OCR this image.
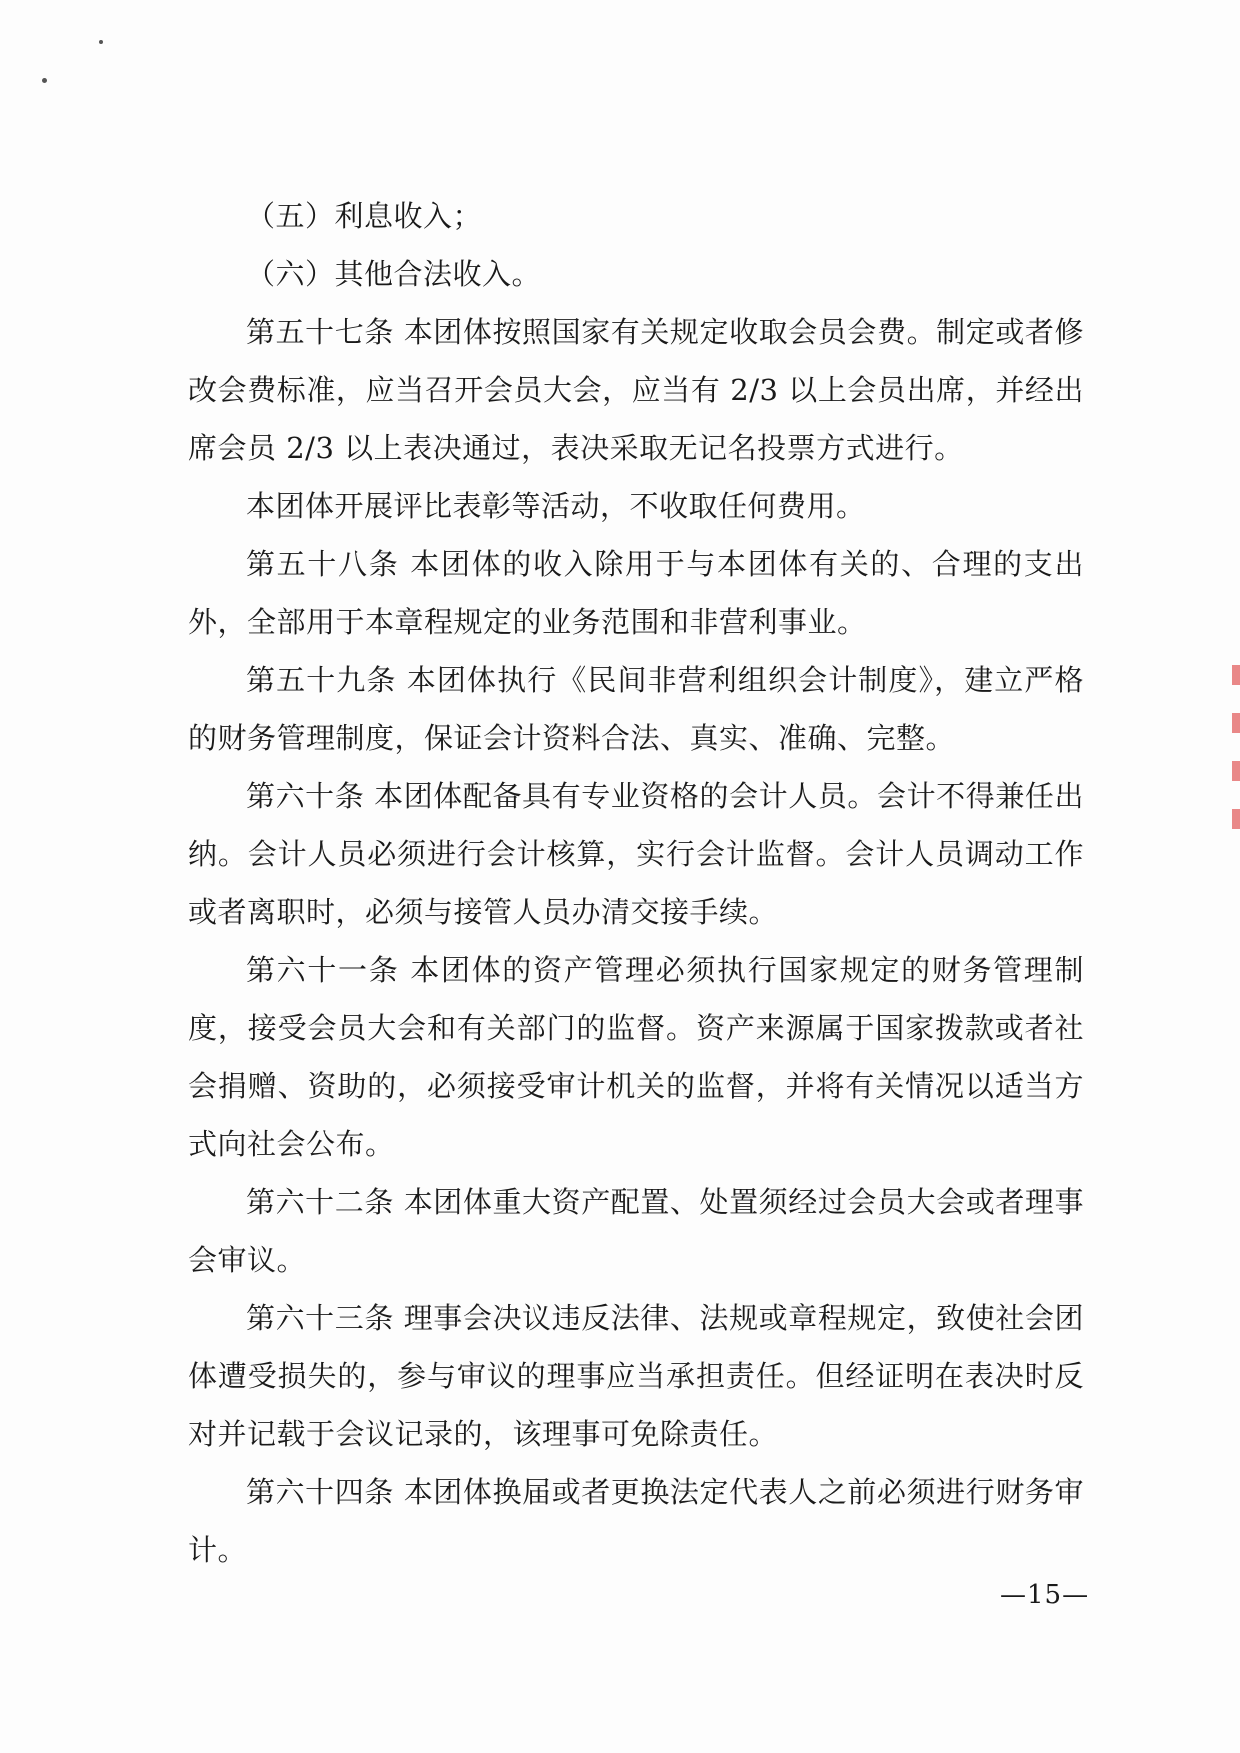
（五）利息收入；

（六）其他合法收入。

第五十七条 本团体按照国家有关规定收取会员会费。制定或者修改会费标准，应当召开会员大会，应当有 2/3 以上会员出席，并经出席会员 2/3 以上表决通过，表决采取无记名投票方式进行。

本团体开展评比表彰等活动，不收取任何费用。

第五十八条 本团体的收入除用于与本团体有关的、合理的支出外，全部用于本章程规定的业务范围和非营利事业。

第五十九条 本团体执行《民间非营利组织会计制度》，建立严格的财务管理制度，保证会计资料合法、真实、准确、完整。

第六十条 本团体配备具有专业资格的会计人员。会计不得兼任出纳。会计人员必须进行会计核算，实行会计监督。会计人员调动工作或者离职时，必须与接管人员办清交接手续。

第六十一条 本团体的资产管理必须执行国家规定的财务管理制度，接受会员大会和有关部门的监督。资产来源属于国家拨款或者社会捐赠、资助的，必须接受审计机关的监督，并将有关情况以适当方式向社会公布。

第六十二条 本团体重大资产配置、处置须经过会员大会或者理事会审议。

第六十三条 理事会决议违反法律、法规或章程规定，致使社会团体遭受损失的，参与审议的理事应当承担责任。但经证明在表决时反对并记载于会议记录的，该理事可免除责任。

第六十四条 本团体换届或者更换法定代表人之前必须进行财务审计。

—15—
